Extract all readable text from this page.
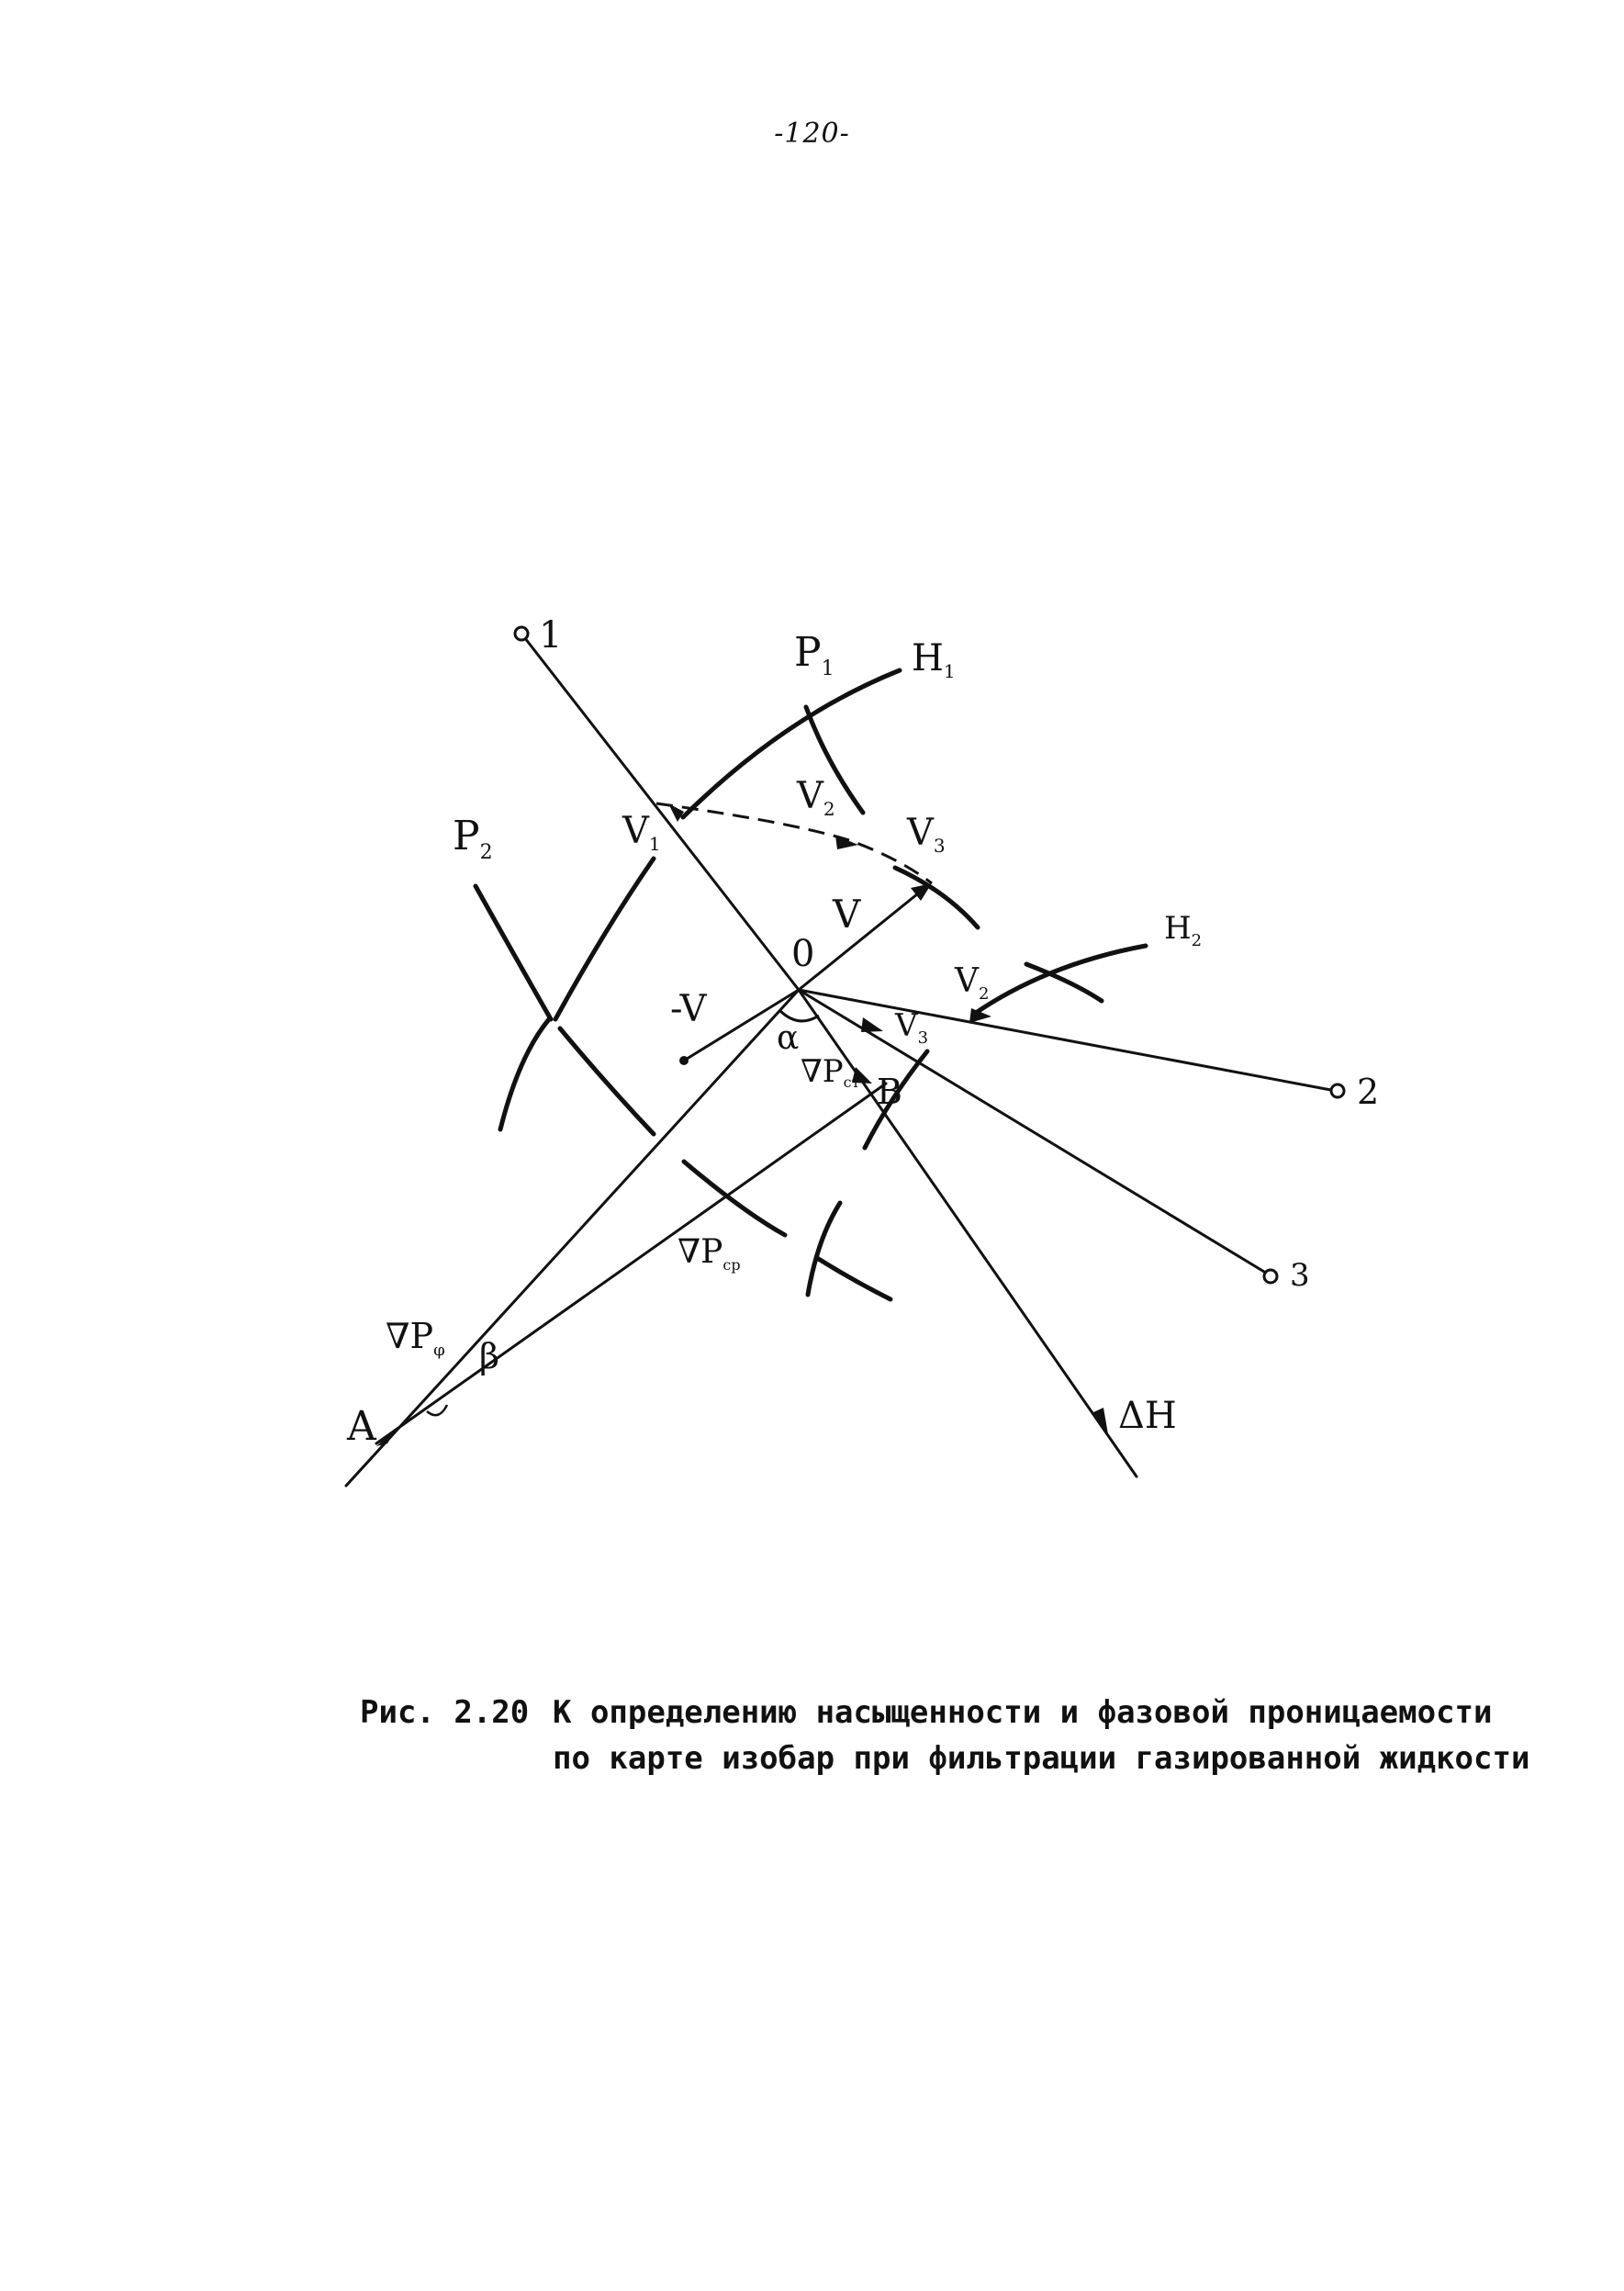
-120-
1
2
3
$P_1$
$P_2$
$H_1$
$H_2$
$V_1$
$V_2$
$V_3$
$V_2$
$V_3$
0
V
-V
α
β
A
B
∇Pст
$\nabla P_{ср}$
$\nabla P_\varphi$
ΔH
Рис. 2.20 К определению насыщенности и фазовой проницаемости
по карте изобар при фильтрации газированной жидкости
